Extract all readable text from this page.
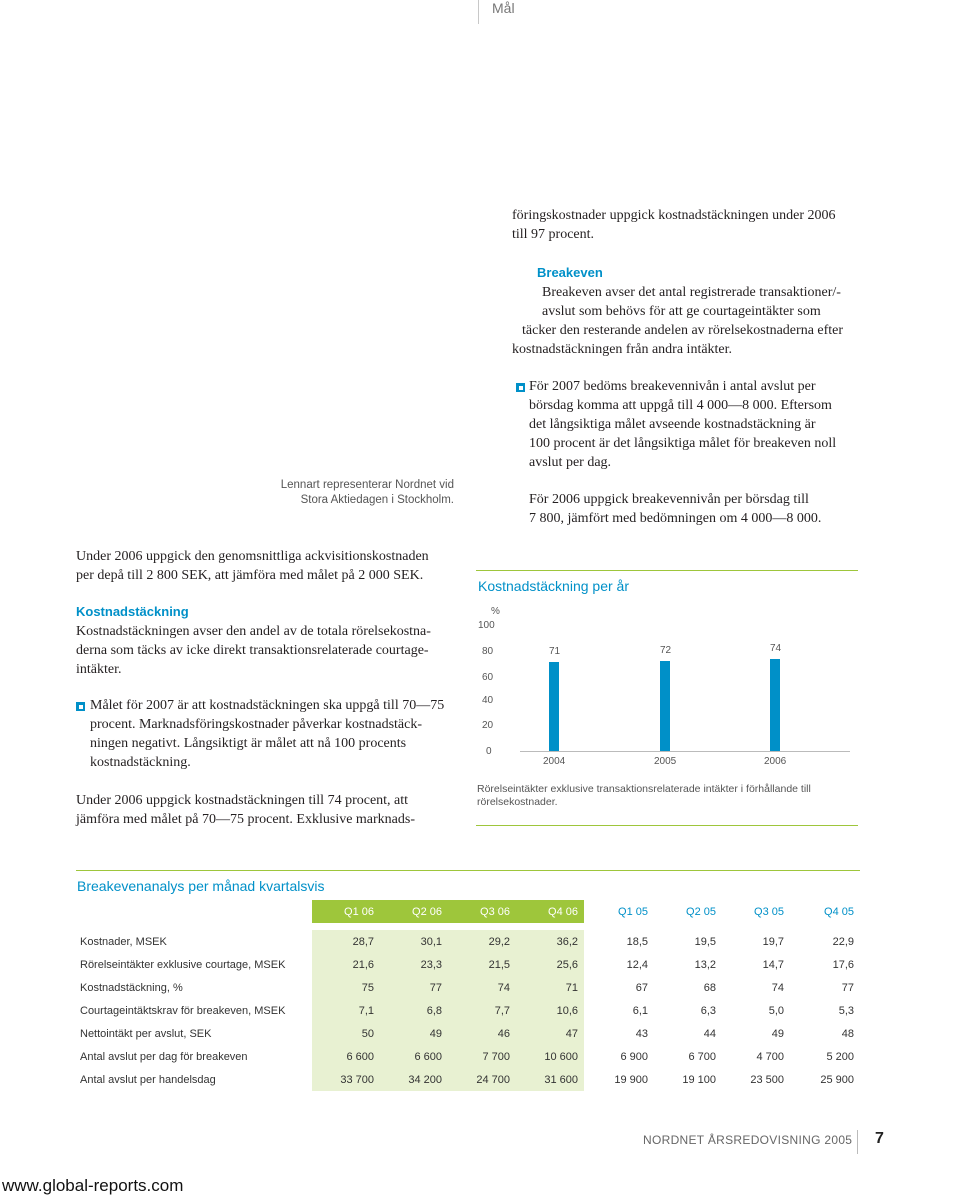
Mål
föringskostnader uppgick kostnadstäckningen under 2006
till 97 procent.
Breakeven
Breakeven avser det antal registrerade transaktioner/-
avslut som behövs för att ge courtageintäkter som
täcker den resterande andelen av rörelsekostnaderna efter
kostnadstäckningen från andra intäkter.
För 2007 bedöms breakevennivån i antal avslut per
börsdag komma att uppgå till 4 000—8 000. Eftersom
det långsiktiga målet avseende kostnadstäckning är
100 procent är det långsiktiga målet för breakeven noll
avslut per dag.
För 2006 uppgick breakevennivån per börsdag till
7 800, jämfört med bedömningen om 4 000—8 000.
Lennart representerar Nordnet vid
Stora Aktiedagen i Stockholm.
Under 2006 uppgick den genomsnittliga ackvisitionskostnaden
per depå till 2 800 SEK, att jämföra med målet på 2 000 SEK.
Kostnadstäckning
Kostnadstäckningen avser den andel av de totala rörelsekostna-
derna som täcks av icke direkt transaktionsrelaterade courtage-
intäkter.
Målet för 2007 är att kostnadstäckningen ska uppgå till 70—75
procent. Marknadsföringskostnader påverkar kostnadstäck-
ningen negativt. Långsiktigt är målet att nå 100 procents
kostnadstäckning.
Under 2006 uppgick kostnadstäckningen till 74 procent, att
jämföra med målet på 70—75 procent. Exklusive marknads-
Kostnadstäckning per år
%
100
80
60
40
20
0
71	72	74
2004	2005	2006
Rörelseintäkter exklusive transaktionsrelaterade intäkter i förhållande till rörelsekostnader.
Breakevenanalys per månad kvartalsvis
	Q1 06	Q2 06	Q3 06	Q4 06	Q1 05	Q2 05	Q3 05	Q4 05

Kostnader, MSEK	28,7	30,1	29,2	36,2	18,5	19,5	19,7	22,9
Rörelseintäkter exklusive courtage, MSEK	21,6	23,3	21,5	25,6	12,4	13,2	14,7	17,6
Kostnadstäckning, %	75	77	74	71	67	68	74	77
Courtageintäktskrav för breakeven, MSEK	7,1	6,8	7,7	10,6	6,1	6,3	5,0	5,3
Nettointäkt per avslut, SEK	50	49	46	47	43	44	49	48
Antal avslut per dag för breakeven	6 600	6 600	7 700	10 600	6 900	6 700	4 700	5 200
Antal avslut per handelsdag	33 700	34 200	24 700	31 600	19 900	19 100	23 500	25 900
NORDNET ÅRSREDOVISNING 2005 7
www.global-reports.com
